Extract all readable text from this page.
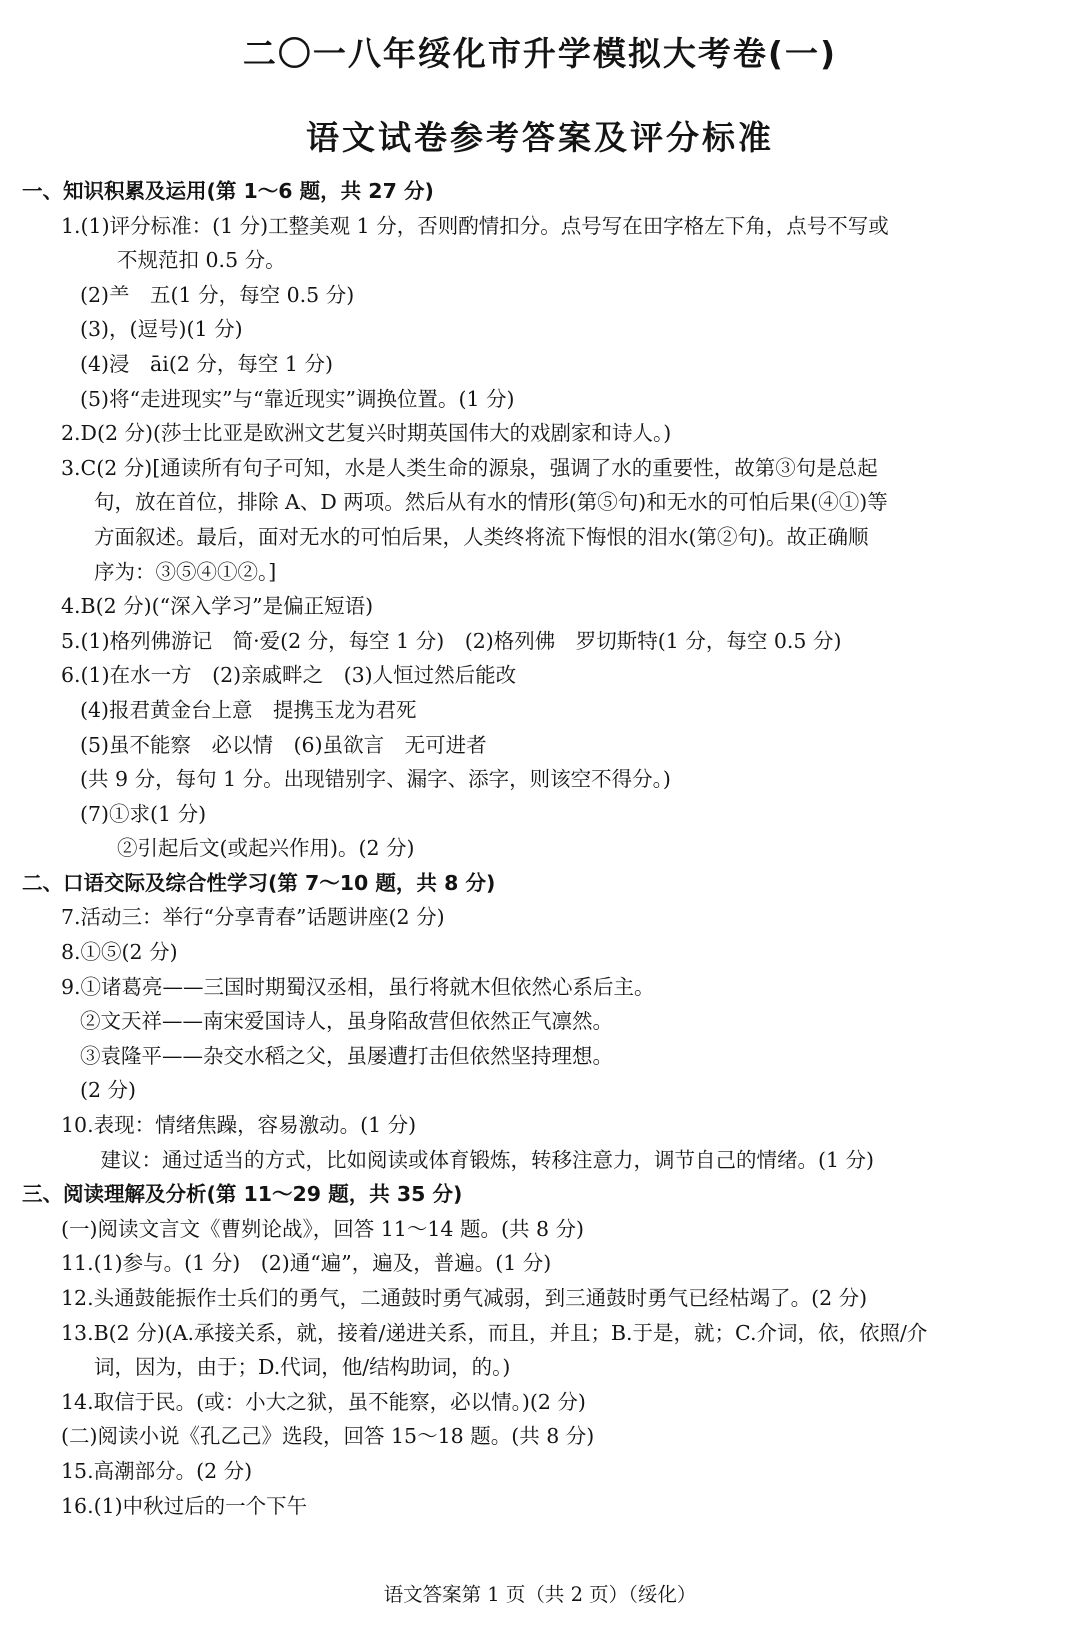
二〇一八年绥化市升学模拟大考卷(一)
语文试卷参考答案及评分标准
一、知识积累及运用(第 1～6 题，共 27 分)
1.(1)评分标准：(1 分)工整美观 1 分，否则酌情扣分。点号写在田字格左下角，点号不写或
不规范扣 0.5 分。
(2)⺷　五(1 分，每空 0.5 分)
(3)，(逗号)(1 分)
(4)浸　āi(2 分，每空 1 分)
(5)将“走进现实”与“靠近现实”调换位置。(1 分)
2.D(2 分)(莎士比亚是欧洲文艺复兴时期英国伟大的戏剧家和诗人。)
3.C(2 分)[通读所有句子可知，水是人类生命的源泉，强调了水的重要性，故第③句是总起
句，放在首位，排除 A、D 两项。然后从有水的情形(第⑤句)和无水的可怕后果(④①)等
方面叙述。最后，面对无水的可怕后果，人类终将流下悔恨的泪水(第②句)。故正确顺
序为：③⑤④①②。]
4.B(2 分)(“深入学习”是偏正短语)
5.(1)格列佛游记　简·爱(2 分，每空 1 分)　(2)格列佛　罗切斯特(1 分，每空 0.5 分)
6.(1)在水一方　(2)亲戚畔之　(3)人恒过然后能改
(4)报君黄金台上意　提携玉龙为君死
(5)虽不能察　必以情　(6)虽欲言　无可进者
(共 9 分，每句 1 分。出现错别字、漏字、添字，则该空不得分。)
(7)①求(1 分)
②引起后文(或起兴作用)。(2 分)
二、口语交际及综合性学习(第 7～10 题，共 8 分)
7.活动三：举行“分享青春”话题讲座(2 分)
8.①⑤(2 分)
9.①诸葛亮——三国时期蜀汉丞相，虽行将就木但依然心系后主。
②文天祥——南宋爱国诗人，虽身陷敌营但依然正气凛然。
③袁隆平——杂交水稻之父，虽屡遭打击但依然坚持理想。
(2 分)
10.表现：情绪焦躁，容易激动。(1 分)
　建议：通过适当的方式，比如阅读或体育锻炼，转移注意力，调节自己的情绪。(1 分)
三、阅读理解及分析(第 11～29 题，共 35 分)
(一)阅读文言文《曹刿论战》，回答 11～14 题。(共 8 分)
11.(1)参与。(1 分)　(2)通“遍”，遍及，普遍。(1 分)
12.头通鼓能振作士兵们的勇气，二通鼓时勇气减弱，到三通鼓时勇气已经枯竭了。(2 分)
13.B(2 分)(A.承接关系，就，接着/递进关系，而且，并且；B.于是，就；C.介词，依，依照/介
词，因为，由于；D.代词，他/结构助词，的。)
14.取信于民。(或：小大之狱，虽不能察，必以情。)(2 分)
(二)阅读小说《孔乙己》选段，回答 15～18 题。(共 8 分)
15.高潮部分。(2 分)
16.(1)中秋过后的一个下午
语文答案第 1 页（共 2 页）（绥化）
